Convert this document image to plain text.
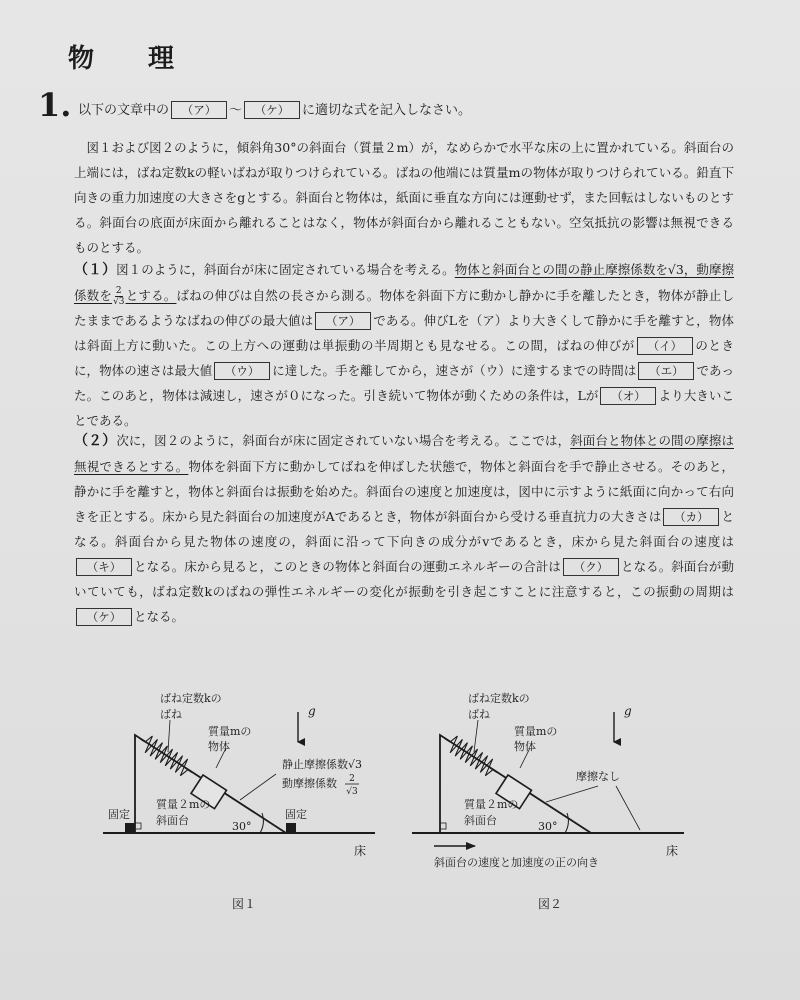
物　理
1. 以下の文章中の （ア） ～ （ケ） に適切な式を記入しなさい。

図１および図２のように，傾斜角30°の斜面台（質量２m）が，なめらかで水平な床の上に置かれている。斜面台の上端には，ばね定数kの軽いばねが取りつけられている。ばねの他端には質量mの物体が取りつけられている。鉛直下向きの重力加速度の大きさをgとする。斜面台と物体は，紙面に垂直な方向には運動せず，また回転はしないものとする。斜面台の底面が床面から離れることはなく，物体が斜面台から離れることもない。空気抵抗の影響は無視できるものとする。

（１）図１のように，斜面台が床に固定されている場合を考える。物体と斜面台との間の静止摩擦係数を√3，動摩擦係数を $\frac{2}{√3}$ とする。ばねの伸びは自然の長さから測る。物体を斜面下方に動かし静かに手を離したとき，物体が静止したままであるようなばねの伸びの最大値は （ア） である。伸びLを（ア）より大きくして静かに手を離すと，物体は斜面上方に動いた。この上方への運動は単振動の半周期とも見なせる。この間，ばねの伸びが （イ） のときに，物体の速さは最大値 （ウ） に達した。手を離してから，速さが（ウ）に達するまでの時間は （エ） であった。このあと，物体は減速し，速さが０になった。引き続いて物体が動くための条件は，Lが （オ） より大きいことである。

（２）次に，図２のように，斜面台が床に固定されていない場合を考える。ここでは，斜面台と物体との間の摩擦は無視できるとする。物体を斜面下方に動かしてばねを伸ばした状態で，物体と斜面台を手で静止させる。そのあと，静かに手を離すと，物体と斜面台は振動を始めた。斜面台の速度と加速度は，図中に示すように紙面に向かって右向きを正とする。床から見た斜面台の加速度がAであるとき，物体が斜面台から受ける垂直抗力の大きさは （カ） となる。斜面台から見た物体の速度の，斜面に沿って下向きの成分がvであるとき，床から見た斜面台の速度は（キ） となる。床から見ると，このときの物体と斜面台の運動エネルギーの合計は （ク） となる。斜面台が動いていても，ばね定数kのばねの弾性エネルギーの変化が振動を引き起こすことに注意すると，この振動の周期は（ケ） となる。

g
ばね定数kの
ばね
質量mの
物体
静止摩擦係数√3
動摩擦係数 2
√3
質量２mの
斜面台	30°
固定	固定
床
図１
g
ばね定数kの
ばね
質量mの
物体
摩擦なし
質量２mの
斜面台	30°
床
斜面台の速度と加速度の正の向き
図２
